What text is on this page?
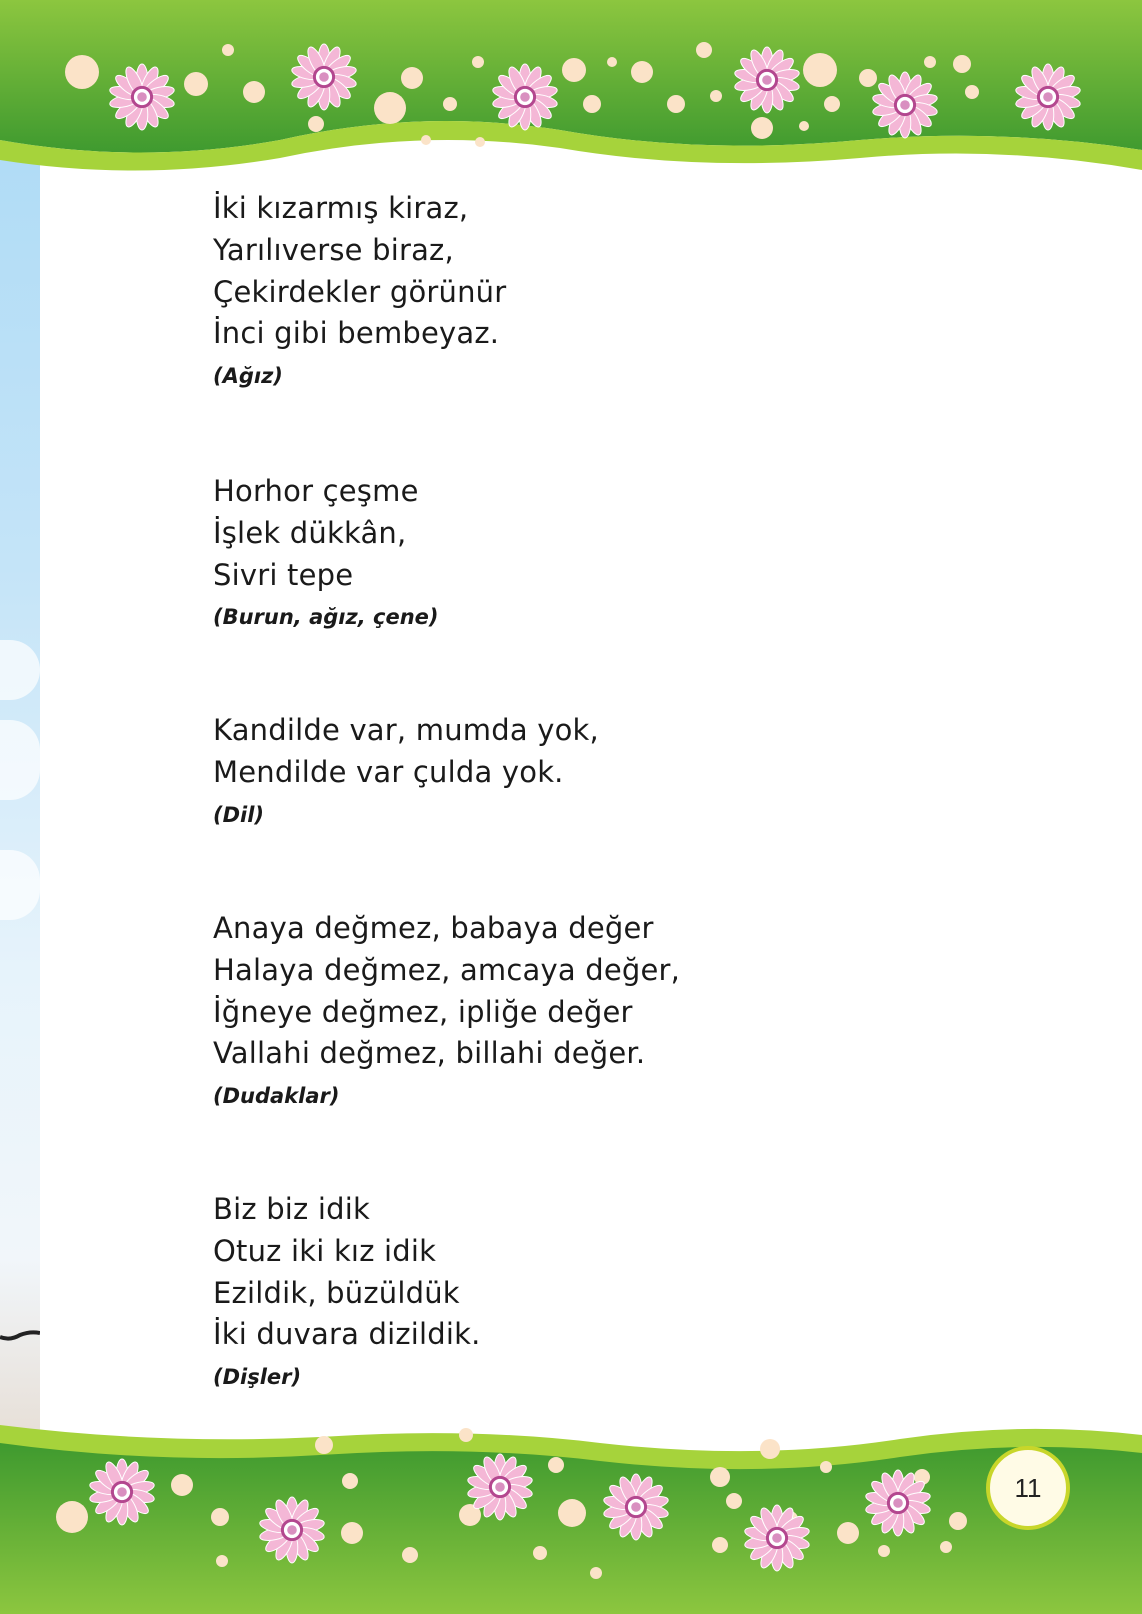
İki kızarmış kiraz,
Yarılıverse biraz,
Çekirdekler görünür
İnci gibi bembeyaz.
(Ağız)
Horhor çeşme
İşlek dükkân,
Sivri tepe
(Burun, ağız, çene)
Kandilde var, mumda yok,
Mendilde var çulda yok.
(Dil)
Anaya değmez, babaya değer
Halaya değmez, amcaya değer,
İğneye değmez, ipliğe değer
Vallahi değmez, billahi değer.
(Dudaklar)
Biz biz idik
Otuz iki kız idik
Ezildik, büzüldük
İki duvara dizildik.
(Dişler)
11
